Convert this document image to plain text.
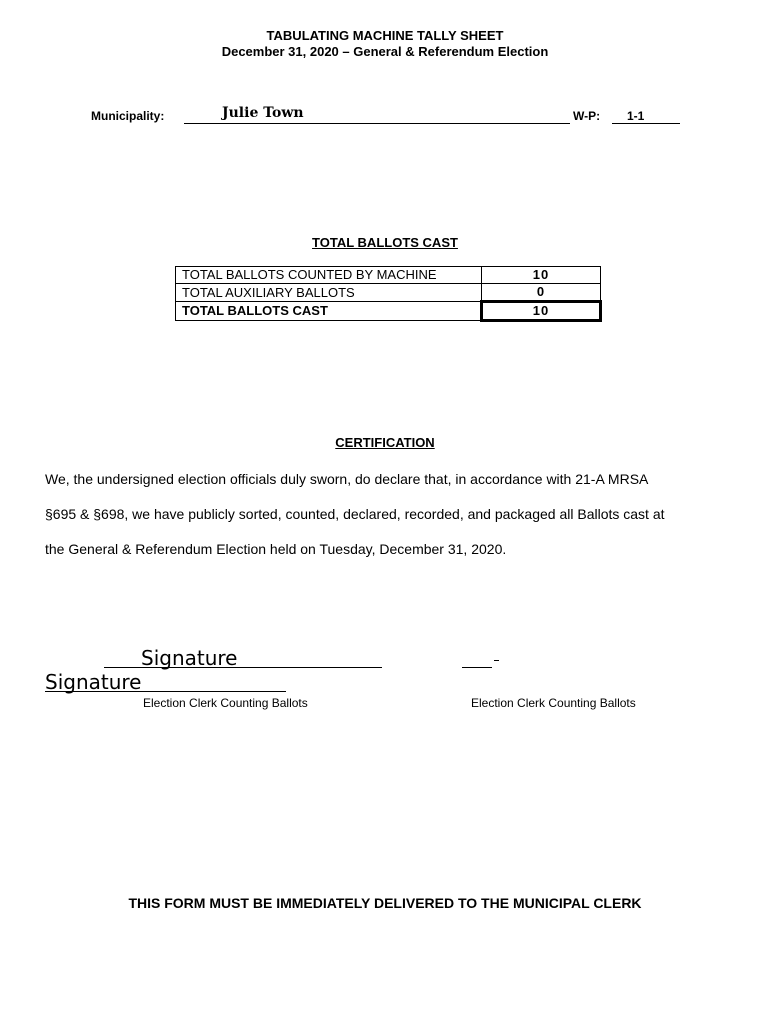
TABULATING MACHINE TALLY SHEET
December 31, 2020 – General & Referendum Election
Municipality:	Julie Town	W-P: 1-1
TOTAL BALLOTS CAST
TOTAL BALLOTS COUNTED BY MACHINE	10
TOTAL AUXILIARY BALLOTS	0
TOTAL BALLOTS CAST	10
CERTIFICATION
We, the undersigned election officials duly sworn, do declare that, in accordance with 21-A MRSA
§695 & §698, we have publicly sorted, counted, declared, recorded, and packaged all Ballots cast at
the General & Referendum Election held on Tuesday, December 31, 2020.
Signature
Signature
Election Clerk Counting Ballots	Election Clerk Counting Ballots
THIS FORM MUST BE IMMEDIATELY DELIVERED TO THE MUNICIPAL CLERK
